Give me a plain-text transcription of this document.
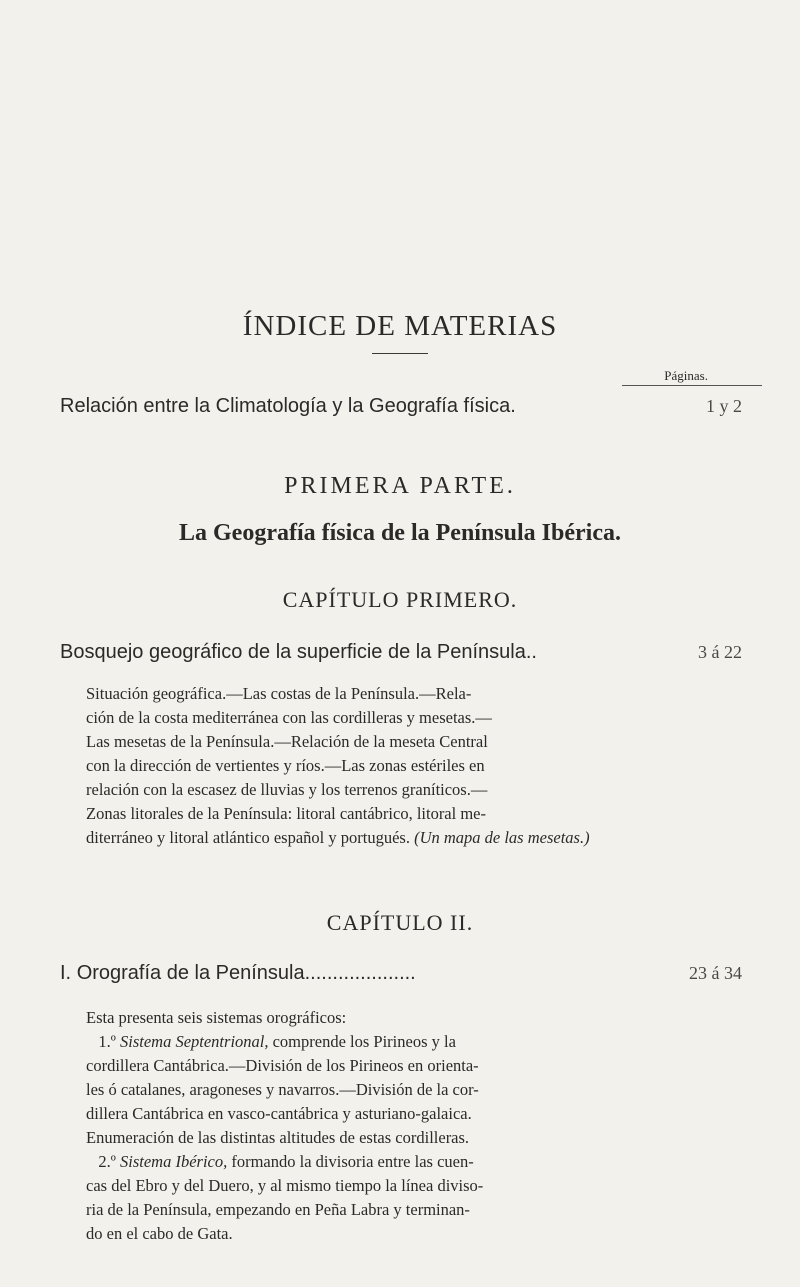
ÍNDICE DE MATERIAS
Páginas.
Relación entre la Climatología y la Geografía física.	1 y 2
PRIMERA PARTE.
La Geografía física de la Península Ibérica.
CAPÍTULO PRIMERO.
Bosquejo geográfico de la superficie de la Península..	3 á 22

Situación geográfica.—Las costas de la Península.—Rela-

ción de la costa mediterránea con las cordilleras y mesetas.—

Las mesetas de la Península.—Relación de la meseta Central

con la dirección de vertientes y ríos.—Las zonas estériles en

relación con la escasez de lluvias y los terrenos graníticos.—

Zonas litorales de la Península: litoral cantábrico, litoral me-

diterráneo y litoral atlántico español y portugués. (Un mapa de las mesetas.)

CAPÍTULO II.
I. Orografía de la Península....................	23 á 34

Esta presenta seis sistemas orográficos:

1.º Sistema Septentrional, comprende los Pirineos y la

cordillera Cantábrica.—División de los Pirineos en orienta-

les ó catalanes, aragoneses y navarros.—División de la cor-

dillera Cantábrica en vasco-cantábrica y asturiano-galaica.

Enumeración de las distintas altitudes de estas cordilleras.

2.º Sistema Ibérico, formando la divisoria entre las cuen-

cas del Ebro y del Duero, y al mismo tiempo la línea diviso-

ria de la Península, empezando en Peña Labra y terminan-

do en el cabo de Gata.
